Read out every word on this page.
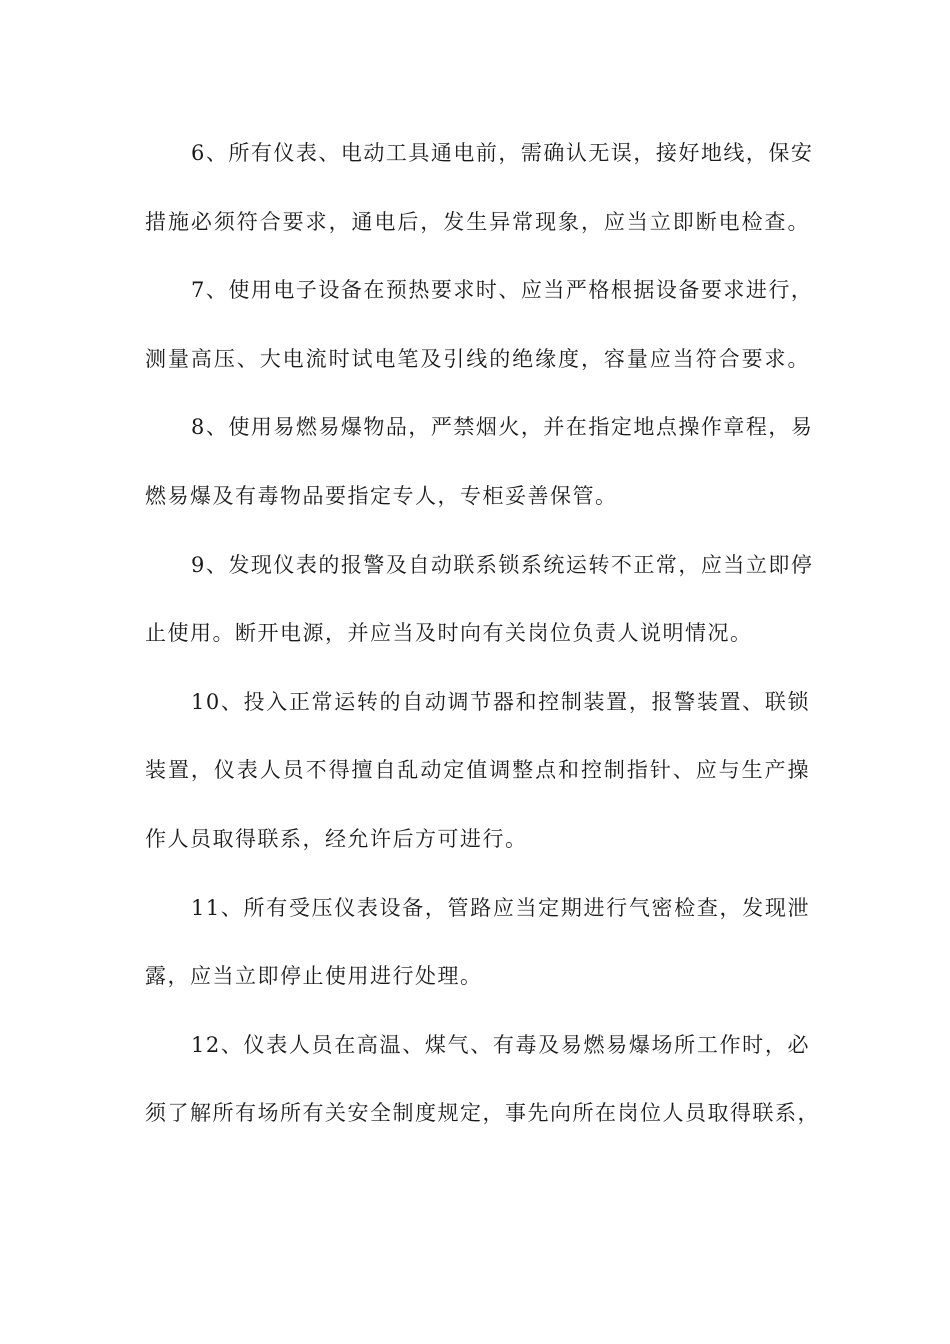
6、所有仪表、电动工具通电前，需确认无误，接好地线，保安
措施必须符合要求，通电后，发生异常现象，应当立即断电检查。
7、使用电子设备在预热要求时、应当严格根据设备要求进行，
测量高压、大电流时试电笔及引线的绝缘度，容量应当符合要求。
8、使用易燃易爆物品，严禁烟火，并在指定地点操作章程，易
燃易爆及有毒物品要指定专人，专柜妥善保管。
9、发现仪表的报警及自动联系锁系统运转不正常，应当立即停
止使用。断开电源，并应当及时向有关岗位负责人说明情况。
10、投入正常运转的自动调节器和控制装置，报警装置、联锁
装置，仪表人员不得擅自乱动定值调整点和控制指针、应与生产操
作人员取得联系，经允许后方可进行。
11、所有受压仪表设备，管路应当定期进行气密检查，发现泄
露，应当立即停止使用进行处理。
12、仪表人员在高温、煤气、有毒及易燃易爆场所工作时，必
须了解所有场所有关安全制度规定，事先向所在岗位人员取得联系，
